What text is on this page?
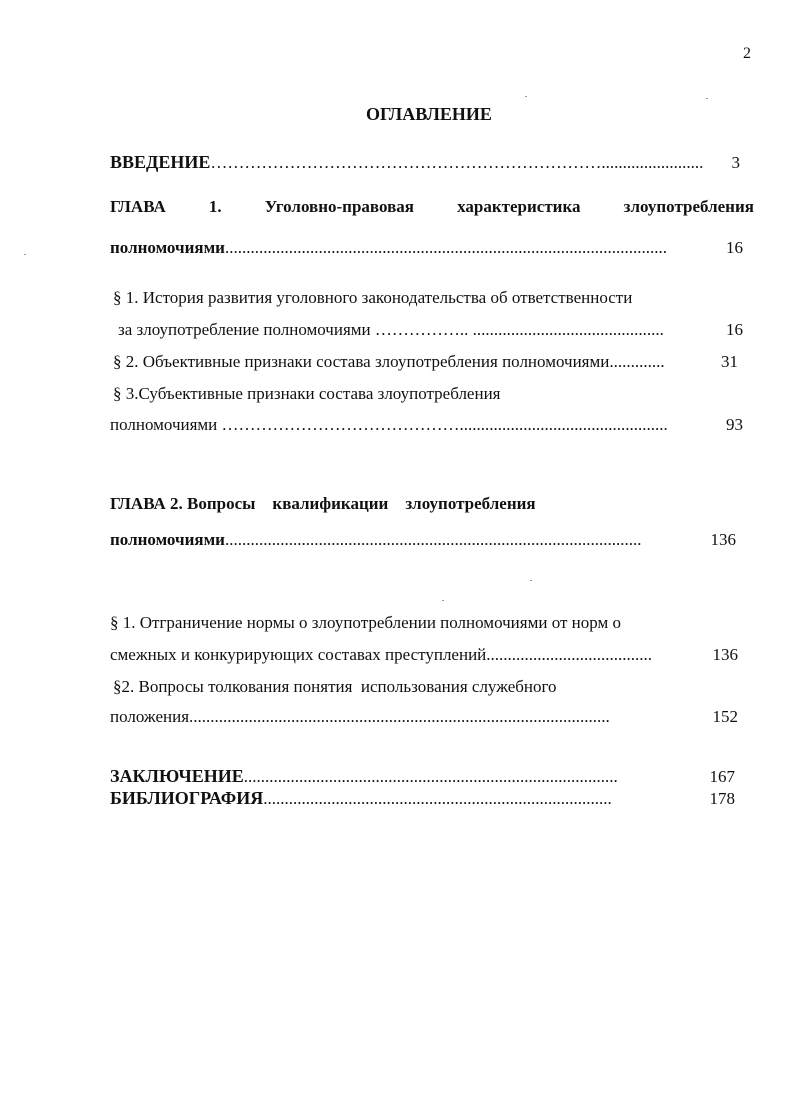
2
ОГЛАВЛЕНИЕ
ВВЕДЕНИЕ ……………………………………………………………........................	3
ГЛАВА	1.	Уголовно-правовая	характеристика	злоупотребления
полномочиями ........................................................................................................	16
§ 1. История развития уголовного законодательства об ответственности
за злоупотребление полномочиями …………….. .............................................	16
§ 2. Объективные признаки состава злоупотребления полномочиями .............	31
§ 3.Субъективные признаки состава злоупотребления
полномочиями …………………………………….................................................	93
ГЛАВА 2. Вопросы    квалификации    злоупотребления
полномочиями ..................................................................................................	136
§ 1. Отграничение нормы о злоупотреблении полномочиями от норм о
смежных и конкурирующих составах преступлений .......................................	136
§2. Вопросы толкования понятия  использования служебного
положения ...................................................................................................	152
ЗАКЛЮЧЕНИЕ ........................................................................................	167
БИБЛИОГРАФИЯ ..................................................................................	178
